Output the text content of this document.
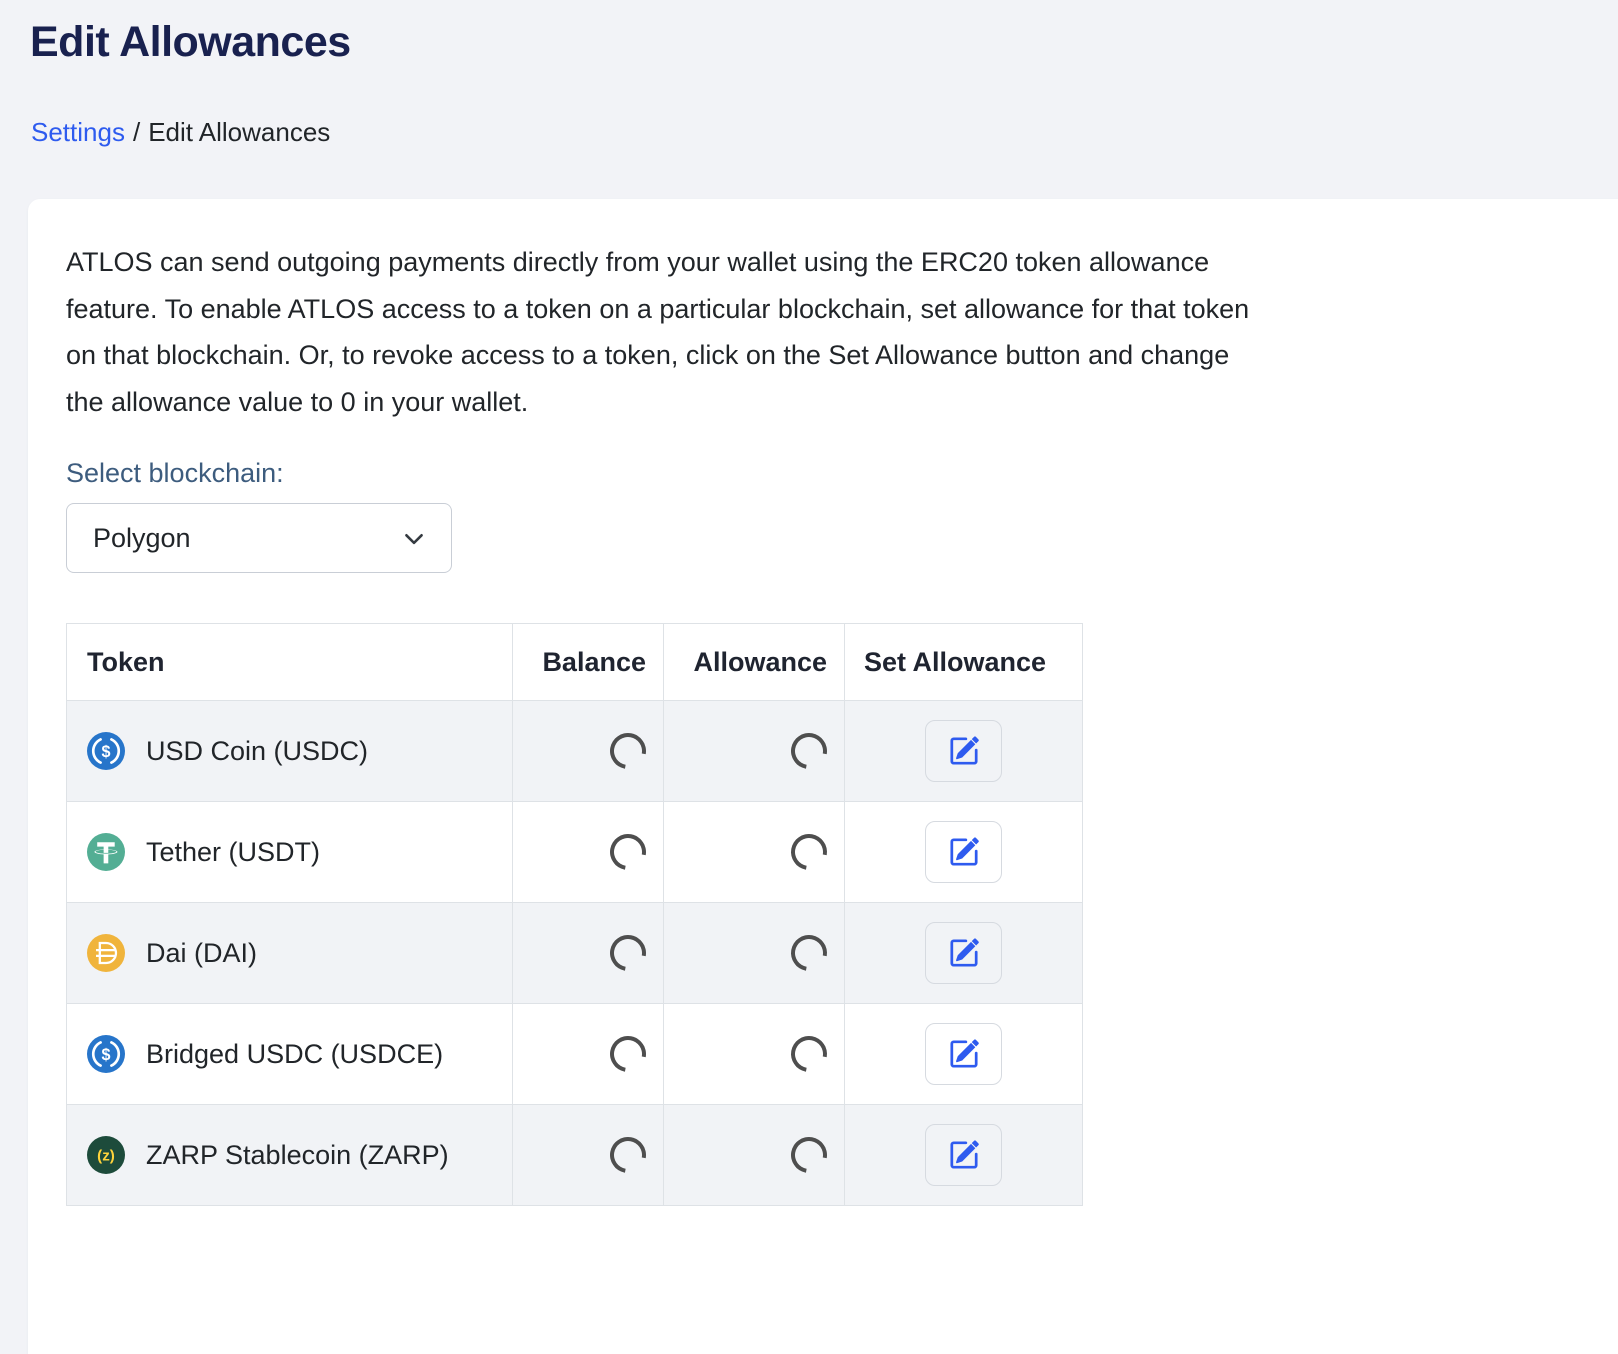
Edit Allowances
Settings / Edit Allowances

ATLOS can send outgoing payments directly from your wallet using the ERC20 token allowance feature. To enable ATLOS access to a token on a particular blockchain, set allowance for that token on that blockchain. Or, to revoke access to a token, click on the Set Allowance button and change the allowance value to 0 in your wallet.

Select blockchain:
Polygon
Token	Balance	Allowance	Set Allowance

$ USD Coin (USDC)

Tether (USDT)

Dai (DAI)

$ Bridged USDC (USDCE)

(z) ZARP Stablecoin (ZARP)
